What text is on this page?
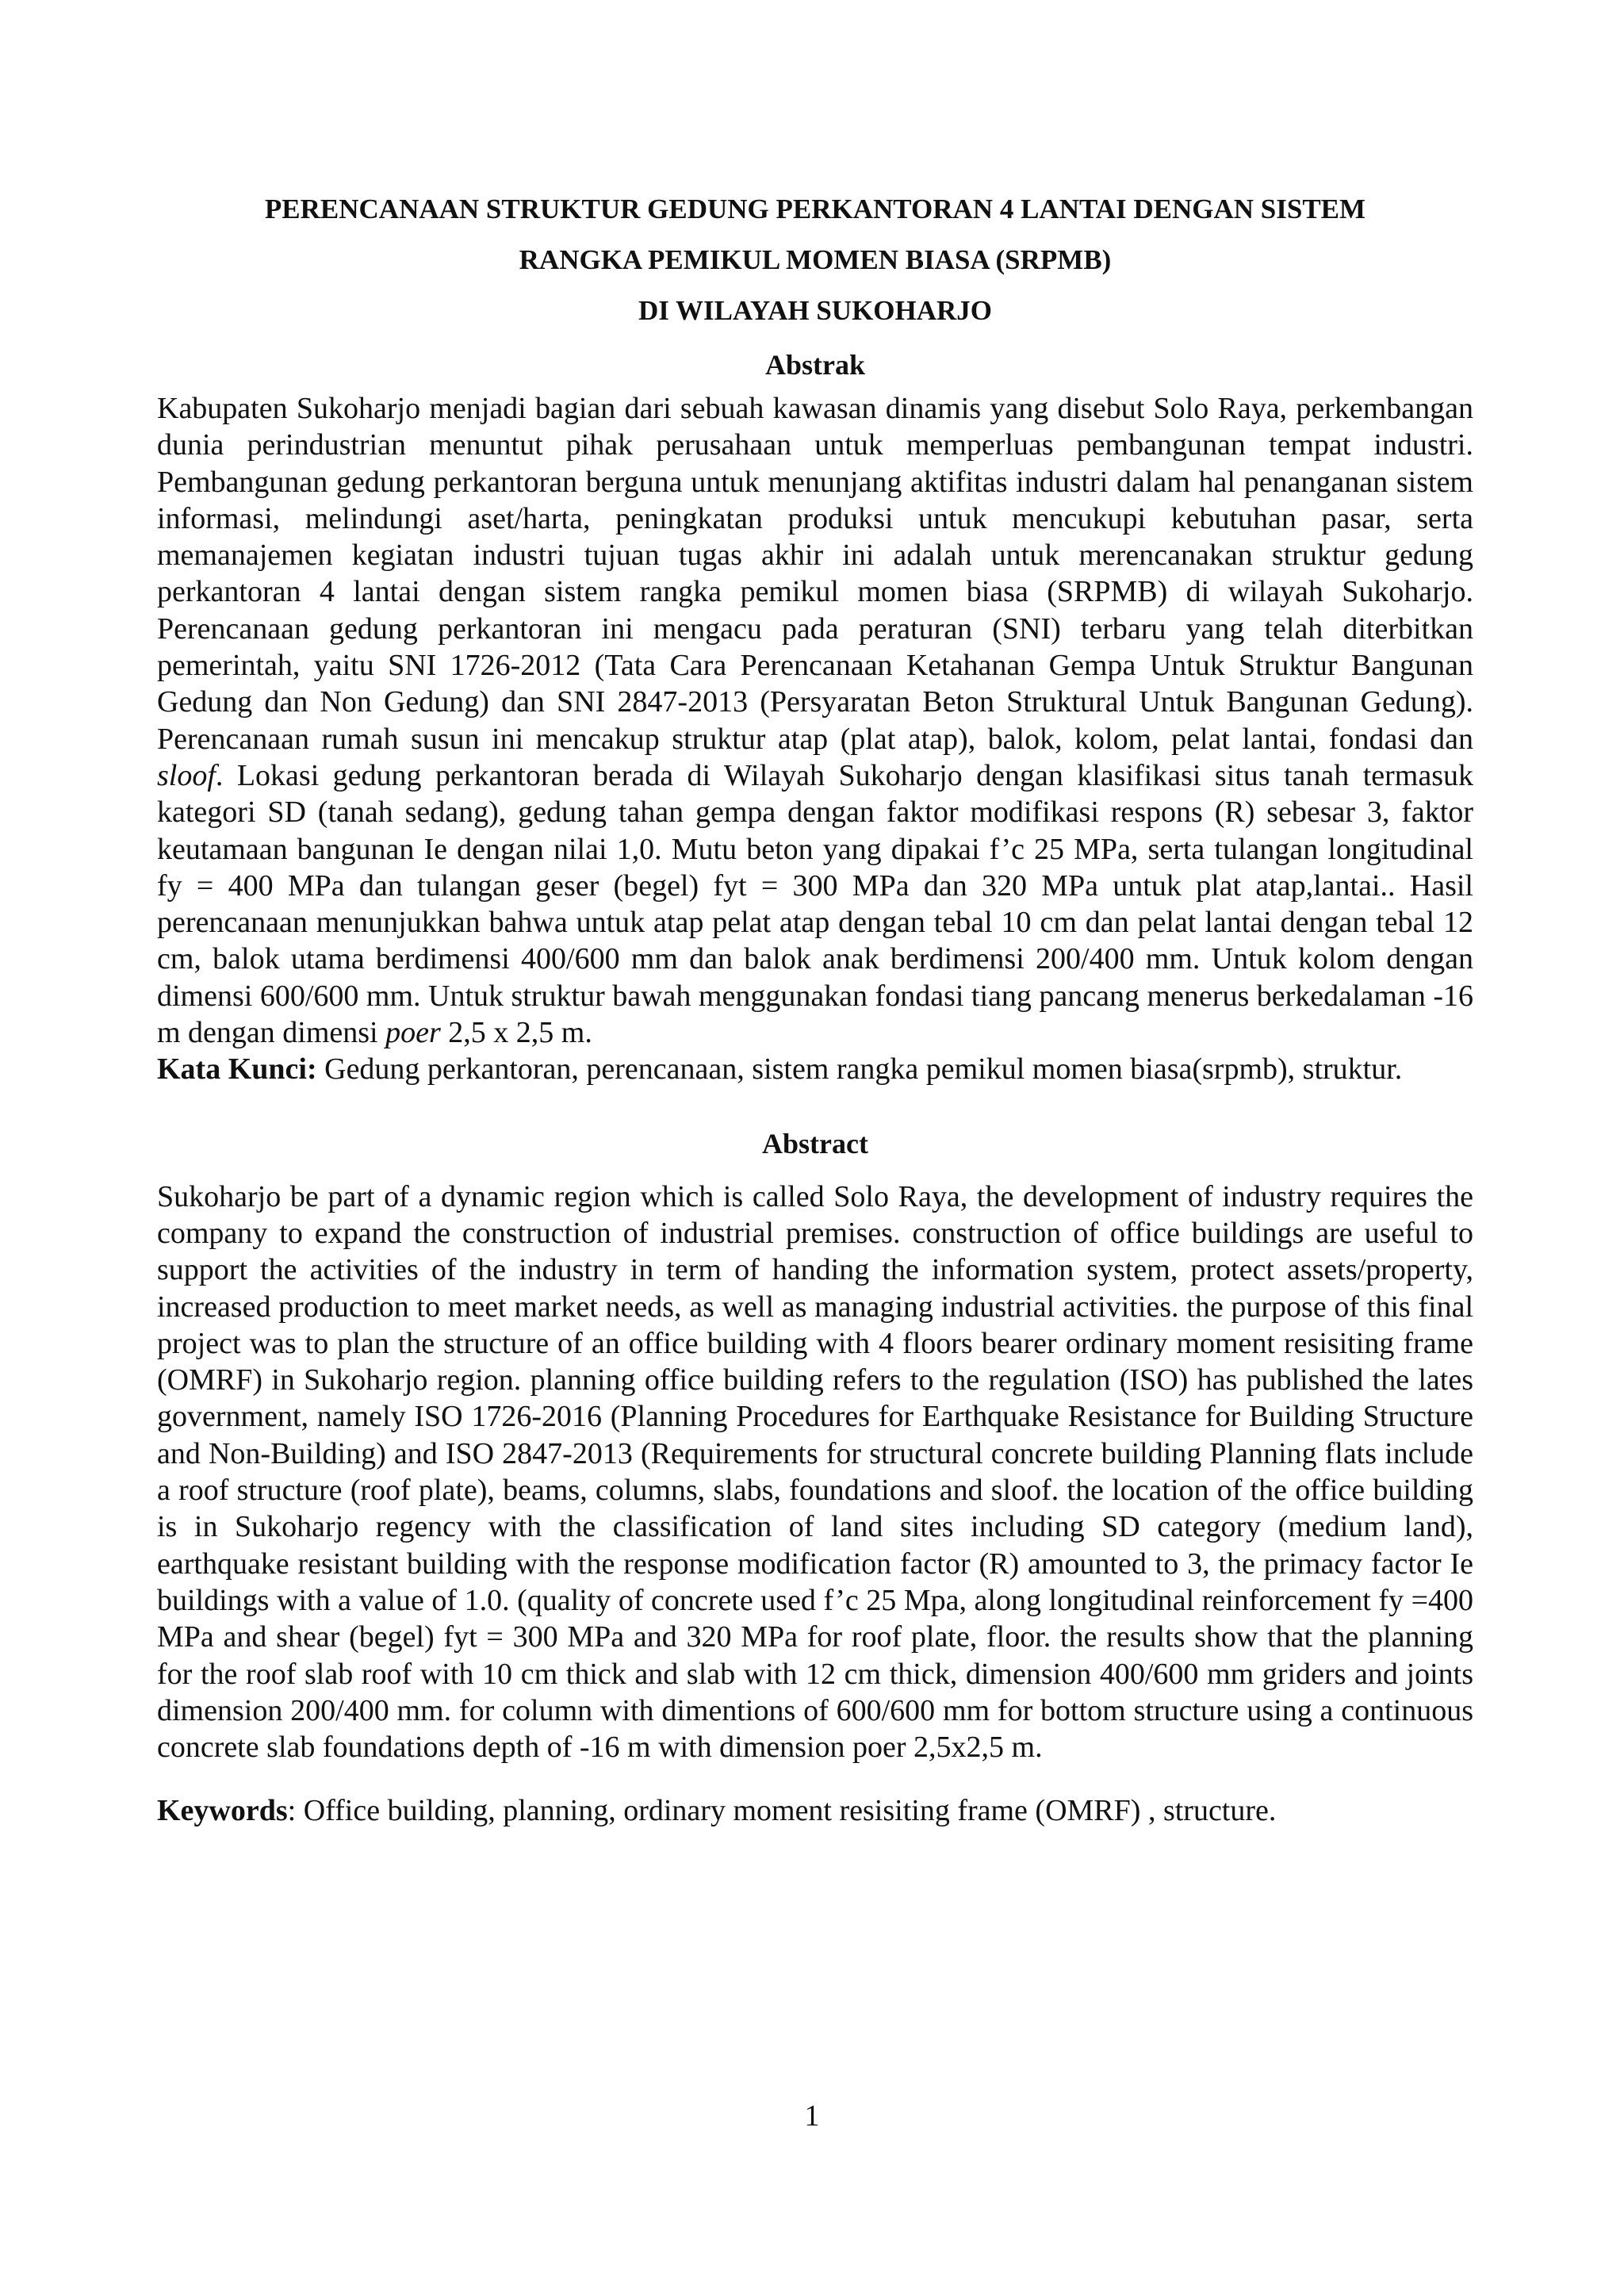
PERENCANAAN STRUKTUR GEDUNG PERKANTORAN 4 LANTAI DENGAN SISTEM
RANGKA PEMIKUL MOMEN BIASA (SRPMB)
DI WILAYAH SUKOHARJO
Abstrak

Kabupaten Sukoharjo menjadi bagian dari sebuah kawasan dinamis yang disebut Solo Raya, perkembangan dunia perindustrian menuntut pihak perusahaan untuk memperluas pembangunan tempat industri. Pembangunan gedung perkantoran berguna untuk menunjang aktifitas industri dalam hal penanganan sistem informasi, melindungi aset/harta, peningkatan produksi untuk mencukupi kebutuhan pasar, serta memanajemen kegiatan industri tujuan tugas akhir ini adalah untuk merencanakan struktur gedung perkantoran 4 lantai dengan sistem rangka pemikul momen biasa (SRPMB) di wilayah Sukoharjo. Perencanaan gedung perkantoran ini mengacu pada peraturan (SNI) terbaru yang telah diterbitkan pemerintah, yaitu SNI 1726-2012 (Tata Cara Perencanaan Ketahanan Gempa Untuk Struktur Bangunan Gedung dan Non Gedung) dan SNI 2847-2013 (Persyaratan Beton Struktural Untuk Bangunan Gedung). Perencanaan rumah susun ini mencakup struktur atap (plat atap), balok, kolom, pelat lantai, fondasi dan sloof. Lokasi gedung perkantoran berada di Wilayah Sukoharjo dengan klasifikasi situs tanah termasuk kategori SD (tanah sedang), gedung tahan gempa dengan faktor modifikasi respons (R) sebesar 3, faktor keutamaan bangunan Ie dengan nilai 1,0. Mutu beton yang dipakai f’c 25 MPa, serta tulangan longitudinal fy = 400 MPa dan tulangan geser (begel) fyt = 300 MPa dan 320 MPa untuk plat atap,lantai.. Hasil perencanaan menunjukkan bahwa untuk atap pelat atap dengan tebal 10 cm dan pelat lantai dengan tebal 12 cm, balok utama berdimensi 400/600 mm dan balok anak berdimensi 200/400 mm. Untuk kolom dengan dimensi 600/600 mm. Untuk struktur bawah menggunakan fondasi tiang pancang menerus berkedalaman -16 m dengan dimensi poer 2,5 x 2,5 m.
Kata Kunci: Gedung perkantoran, perencanaan, sistem rangka pemikul momen biasa(srpmb), struktur.

Abstract

Sukoharjo be part of a dynamic region which is called Solo Raya, the development of industry requires the company to expand the construction of industrial premises. construction of office buildings are useful to support the activities of the industry in term of handing the information system, protect assets/property, increased production to meet market needs, as well as managing industrial activities. the purpose of this final project was to plan the structure of an office building with 4 floors bearer ordinary moment resisiting frame (OMRF) in Sukoharjo region. planning office building refers to the regulation (ISO) has published the lates government, namely ISO 1726-2016 (Planning Procedures for Earthquake Resistance for Building Structure and Non-Building) and ISO 2847-2013 (Requirements for structural concrete building Planning flats include a roof structure (roof plate), beams, columns, slabs, foundations and sloof. the location of the office building is in Sukoharjo regency with the classification of land sites including SD category (medium land), earthquake resistant building with the response modification factor (R) amounted to 3, the primacy factor Ie buildings with a value of 1.0. (quality of concrete used f’c 25 Mpa, along longitudinal reinforcement fy =400 MPa and shear (begel) fyt = 300 MPa and 320 MPa for roof plate, floor. the results show that the planning for the roof slab roof with 10 cm thick and slab with 12 cm thick, dimension 400/600 mm griders and joints dimension 200/400 mm. for column with dimentions of 600/600 mm for bottom structure using a continuous concrete slab foundations depth of -16 m with dimension poer 2,5x2,5 m.

Keywords: Office building, planning, ordinary moment resisiting frame (OMRF) , structure.

1
